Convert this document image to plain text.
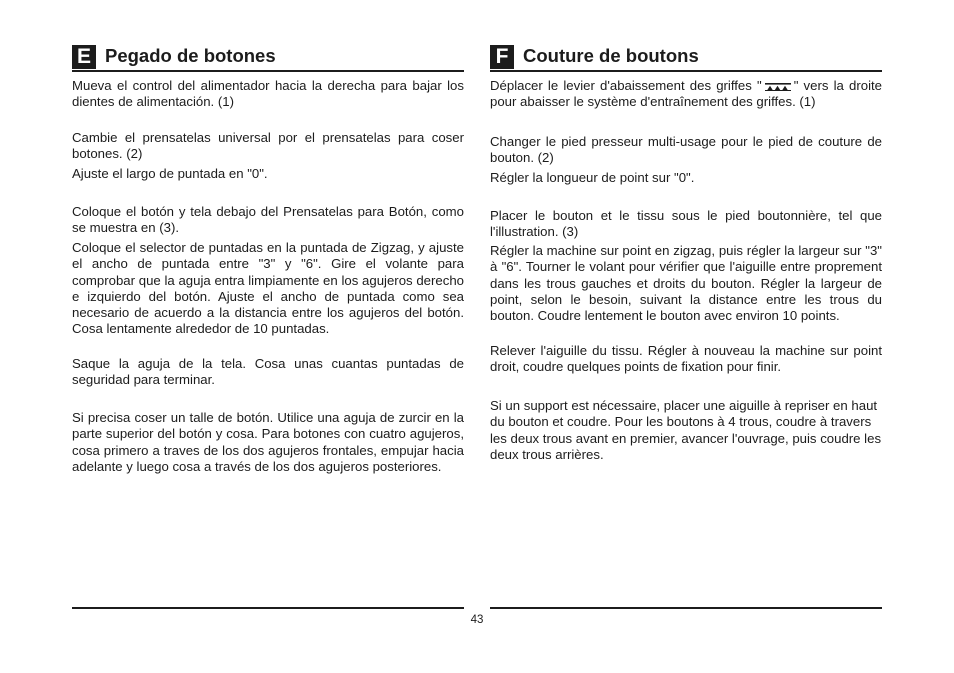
E Pegado de botones

Mueva el control del alimentador hacia la derecha para bajar los dientes de alimentación. (1)

Cambie el prensatelas universal por el prensatelas para coser botones. (2)

Ajuste el largo de puntada en "0".

Coloque el botón y tela debajo del Prensatelas para Botón, como se muestra en (3).

Coloque el selector de puntadas en la puntada de Zigzag, y ajuste el ancho de puntada entre "3" y "6". Gire el volante para comprobar que la aguja entra limpiamente en los agujeros derecho e izquierdo del botón. Ajuste el ancho de puntada como sea necesario de acuerdo a la distancia entre los agujeros del botón. Cosa lentamente alrededor de 10 puntadas.

Saque la aguja de la tela. Cosa unas cuantas puntadas de seguridad para terminar.

Si precisa coser un talle de botón. Utilice una aguja de zurcir en la parte superior del botón y cosa. Para botones con cuatro agujeros, cosa primero a traves de los dos agujeros frontales, empujar hacia adelante y luego cosa a través de los dos agujeros posteriores.

F Couture de boutons

Déplacer le levier d'abaissement des griffes " " vers la droite pour abaisser le système d'entraînement des griffes. (1)

Changer le pied presseur multi-usage pour le pied de couture de bouton. (2)

Régler la longueur de point sur "0".

Placer le bouton et le tissu sous le pied boutonnière, tel que l'illustration. (3)

Régler la machine sur point en zigzag, puis régler la largeur sur "3" à "6". Tourner le volant pour vérifier que l'aiguille entre proprement dans les trous gauches et droits du bouton. Régler la largeur de point, selon le besoin, suivant la distance entre les trous du bouton. Coudre lentement le bouton avec environ 10 points.

Relever l'aiguille du tissu. Régler à nouveau la machine sur point droit, coudre quelques points de fixation pour finir.

Si un support est nécessaire, placer une aiguille à repriser en haut du bouton et coudre. Pour les boutons à 4 trous, coudre à travers les deux trous avant en premier, avancer l'ouvrage, puis coudre les deux trous arrières.

43
